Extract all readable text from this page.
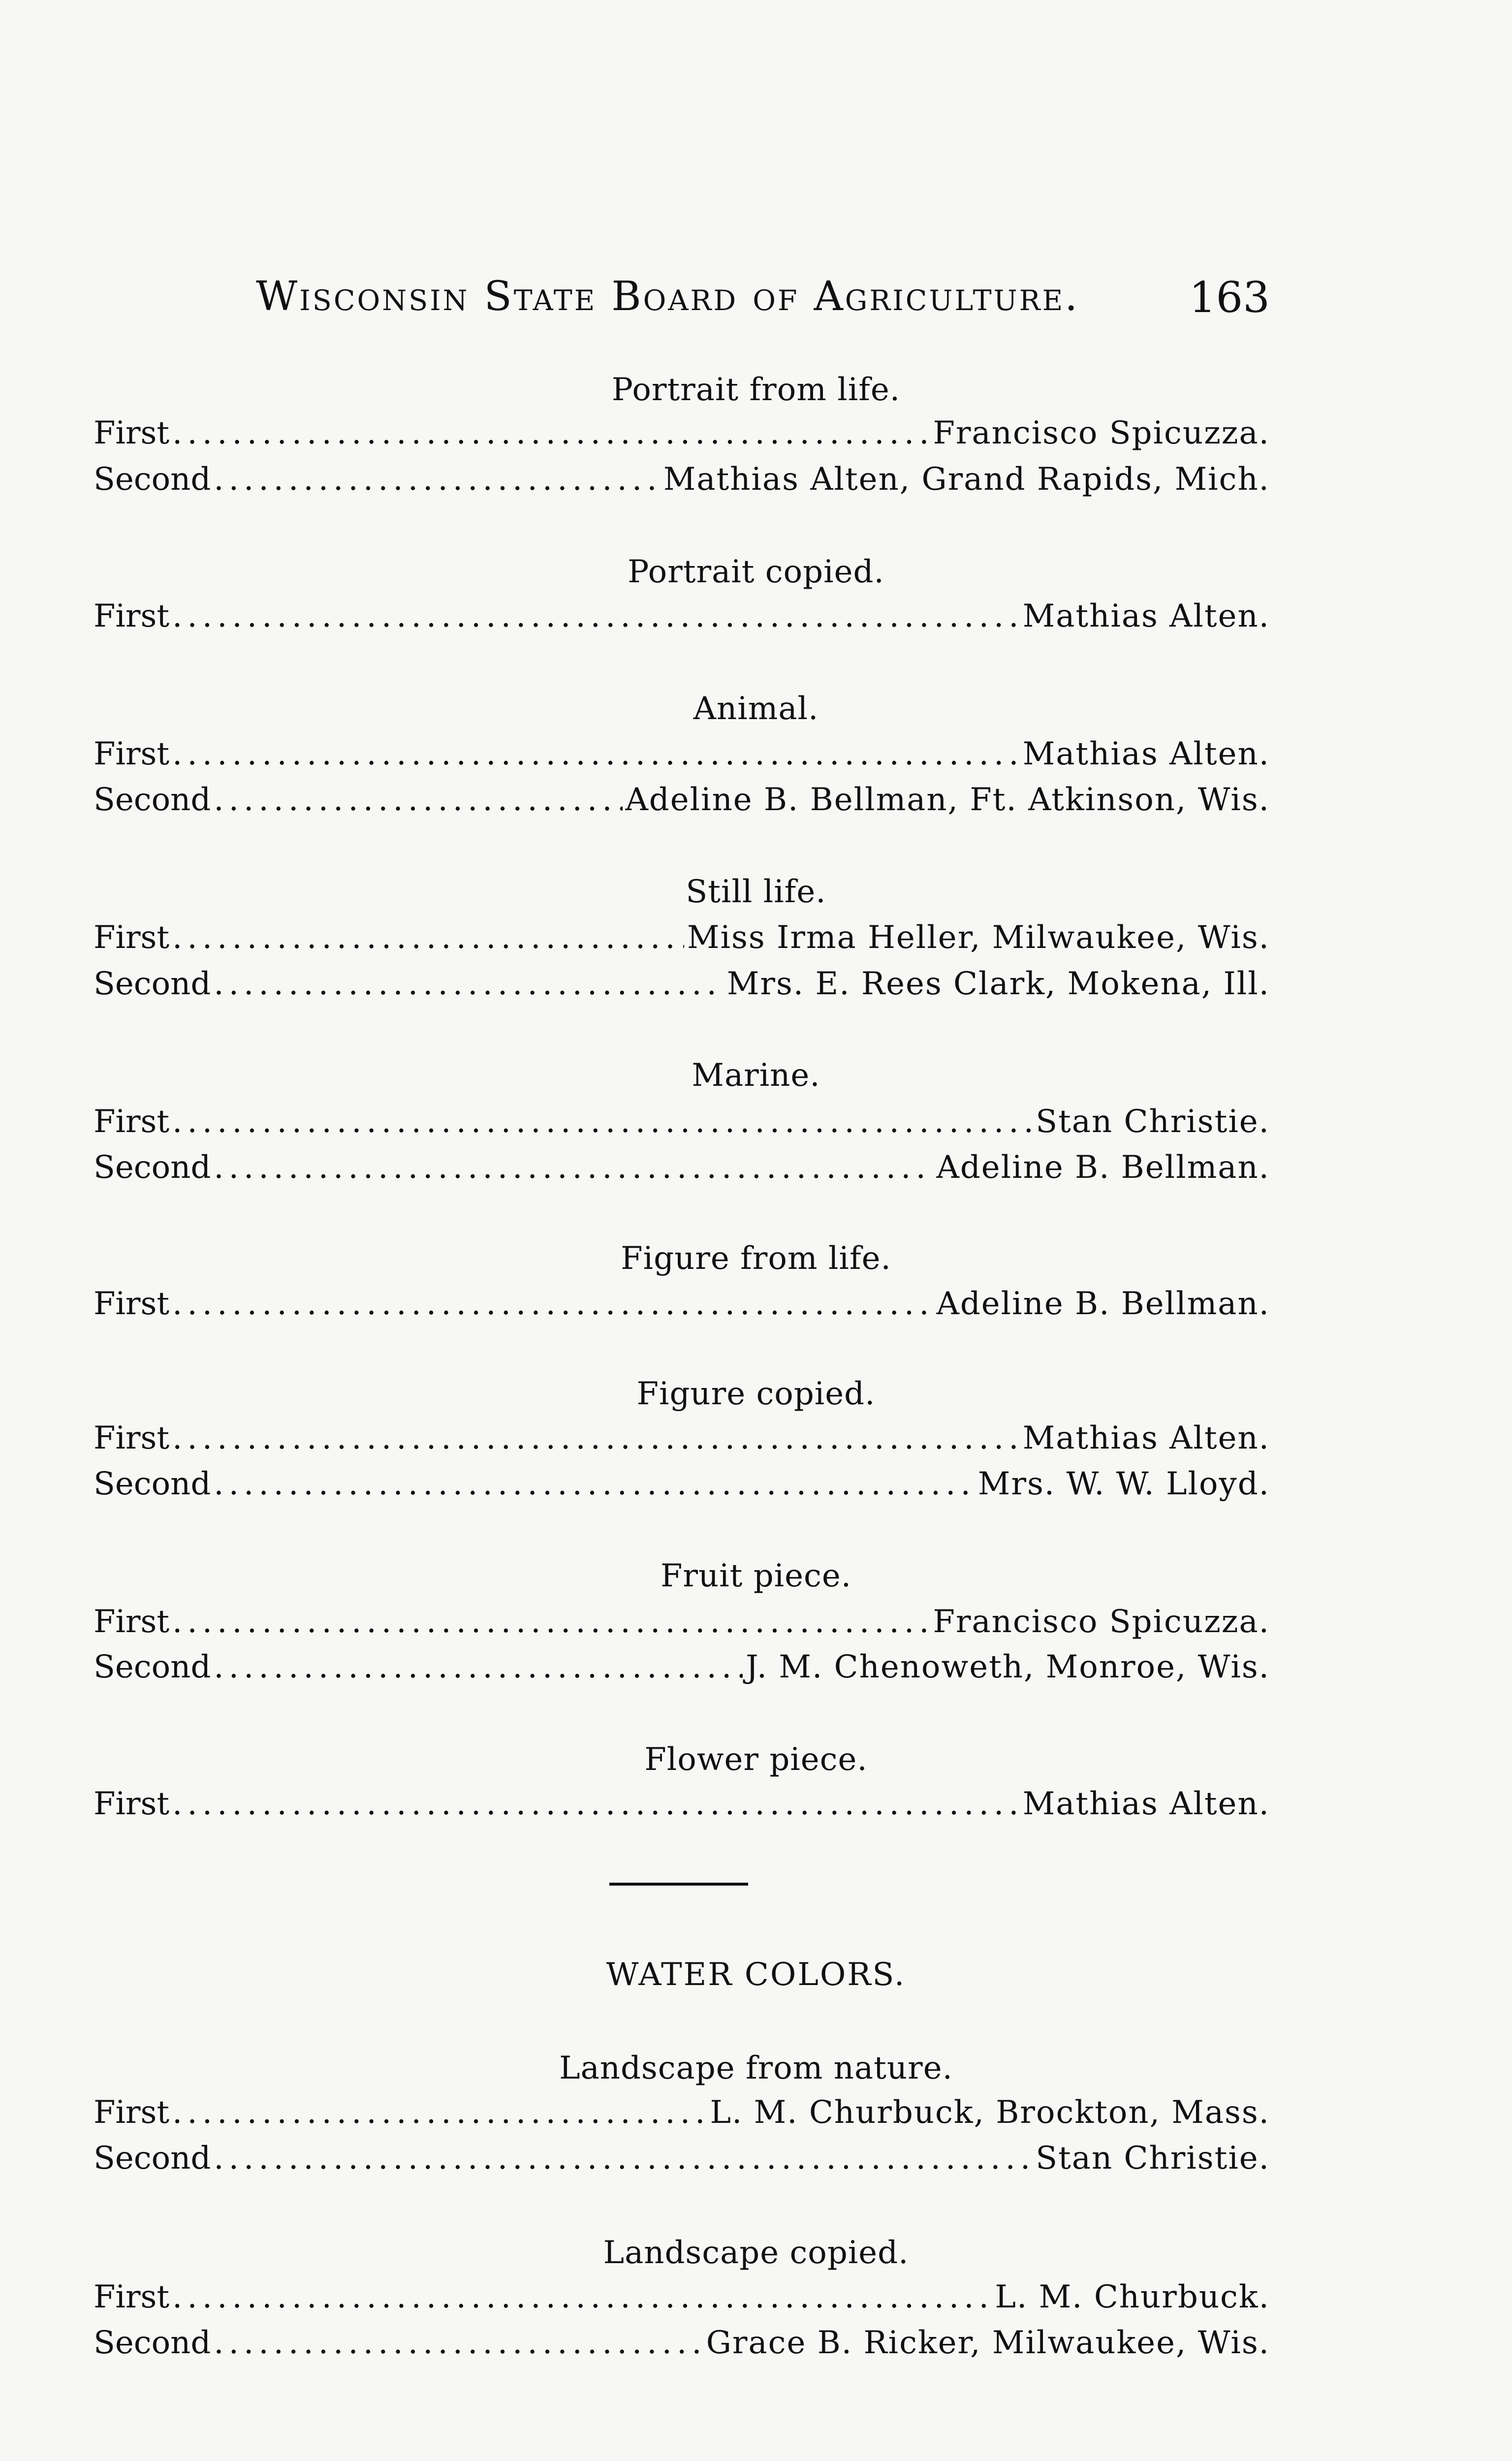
Wisconsin State Board of Agriculture.	163
Portrait from life.
First .....	Francisco Spicuzza.
Second .....	Mathias Alten, Grand Rapids, Mich.
Portrait copied.
First .....	Mathias Alten.
Animal.
First .....	Mathias Alten.
Second .....	Adeline B. Bellman, Ft. Atkinson, Wis.
Still life.
First .....	Miss Irma Heller, Milwaukee, Wis.
Second .....	Mrs. E. Rees Clark, Mokena, Ill.
Marine.
First .....	Stan Christie.
Second .....	Adeline B. Bellman.
Figure from life.
First .....	Adeline B. Bellman.
Figure copied.
First .....	Mathias Alten.
Second .....	Mrs. W. W. Lloyd.
Fruit piece.
First .....	Francisco Spicuzza.
Second .....	J. M. Chenoweth, Monroe, Wis.
Flower piece.
First .....	Mathias Alten.
WATER COLORS.
Landscape from nature.
First .....	L. M. Churbuck, Brockton, Mass.
Second .....	Stan Christie.
Landscape copied.
First .....	L. M. Churbuck.
Second .....	Grace B. Ricker, Milwaukee, Wis.
